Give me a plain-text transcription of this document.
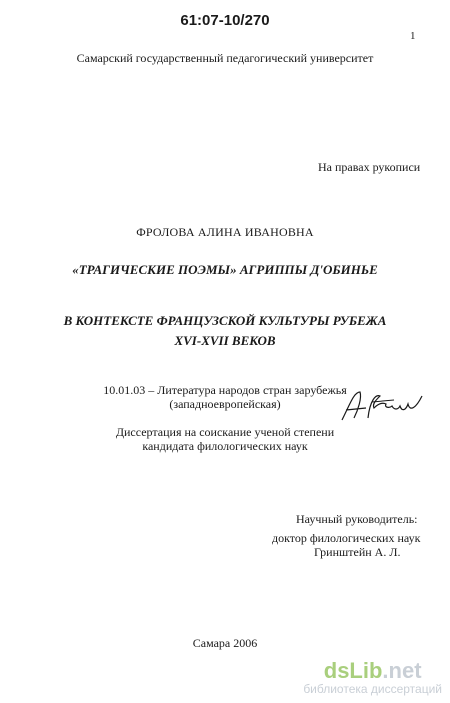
61:07-10/270
1
Самарский государственный педагогический университет
На правах рукописи
ФРОЛОВА АЛИНА ИВАНОВНА
«ТРАГИЧЕСКИЕ ПОЭМЫ» АГРИППЫ Д'ОБИНЬЕ
В КОНТЕКСТЕ ФРАНЦУЗСКОЙ КУЛЬТУРЫ РУБЕЖА
XVI-XVII ВЕКОВ
10.01.03 – Литература народов стран зарубежья
(западноевропейская)
Диссертация на соискание ученой степени
кандидата филологических наук
Научный руководитель:
доктор филологических наук
Гринштейн А. Л.
Самара 2006
dsLib.net
библиотека диссертаций
